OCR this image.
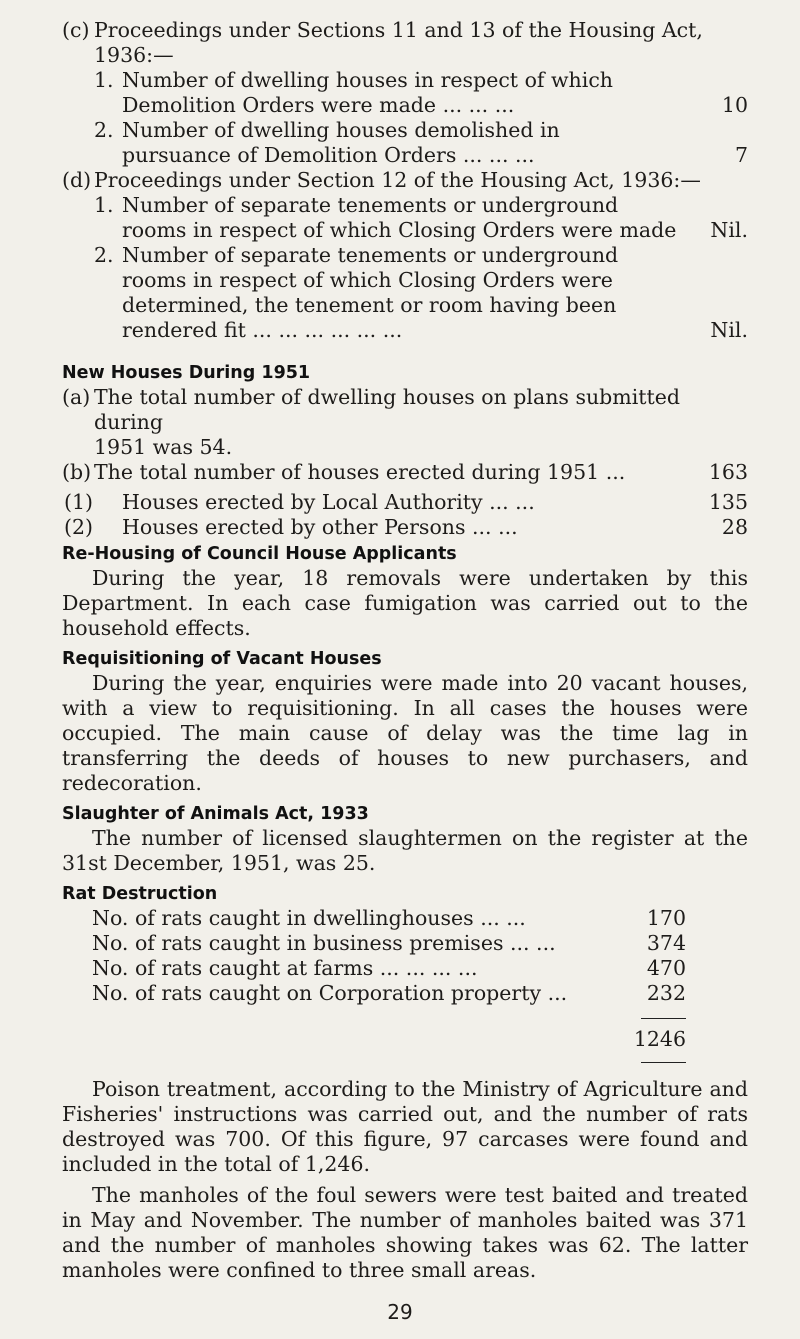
(c) Proceedings under Sections 11 and 13 of the Housing Act,

1936:—

1. Number of dwelling houses in respect of which

Demolition Orders were made ... ... ...	10
2. Number of dwelling houses demolished in

pursuance of Demolition Orders ... ... ...	7
(d) Proceedings under Section 12 of the Housing Act, 1936:—

1. Number of separate tenements or underground

rooms in respect of which Closing Orders were made	Nil.
2. Number of separate tenements or underground

rooms in respect of which Closing Orders were

determined, the tenement or room having been

rendered fit ... ... ... ... ... ...	Nil.
New Houses During 1951
(a) The total number of dwelling houses on plans submitted during

1951 was 54.

(b) The total number of houses erected during 1951 ...	163
(1) Houses erected by Local Authority ... ...	135
(2) Houses erected by other Persons ... ...	28
Re-Housing of Council House Applicants

During the year, 18 removals were undertaken by this Department. In each case fumigation was carried out to the household effects.

Requisitioning of Vacant Houses

During the year, enquiries were made into 20 vacant houses, with a view to requisitioning. In all cases the houses were occupied. The main cause of delay was the time lag in transferring the deeds of houses to new purchasers, and redecoration.

Slaughter of Animals Act, 1933

The number of licensed slaughtermen on the register at the 31st December, 1951, was 25.

Rat Destruction
No. of rats caught in dwellinghouses ... ...	170
No. of rats caught in business premises ... ...	374
No. of rats caught at farms ... ... ... ...	470
No. of rats caught on Corporation property ...	232
1246

Poison treatment, according to the Ministry of Agriculture and Fisheries' instructions was carried out, and the number of rats destroyed was 700. Of this figure, 97 carcases were found and included in the total of 1,246.

The manholes of the foul sewers were test baited and treated in May and November. The number of manholes baited was 371 and the number of manholes showing takes was 62. The latter manholes were confined to three small areas.

29
